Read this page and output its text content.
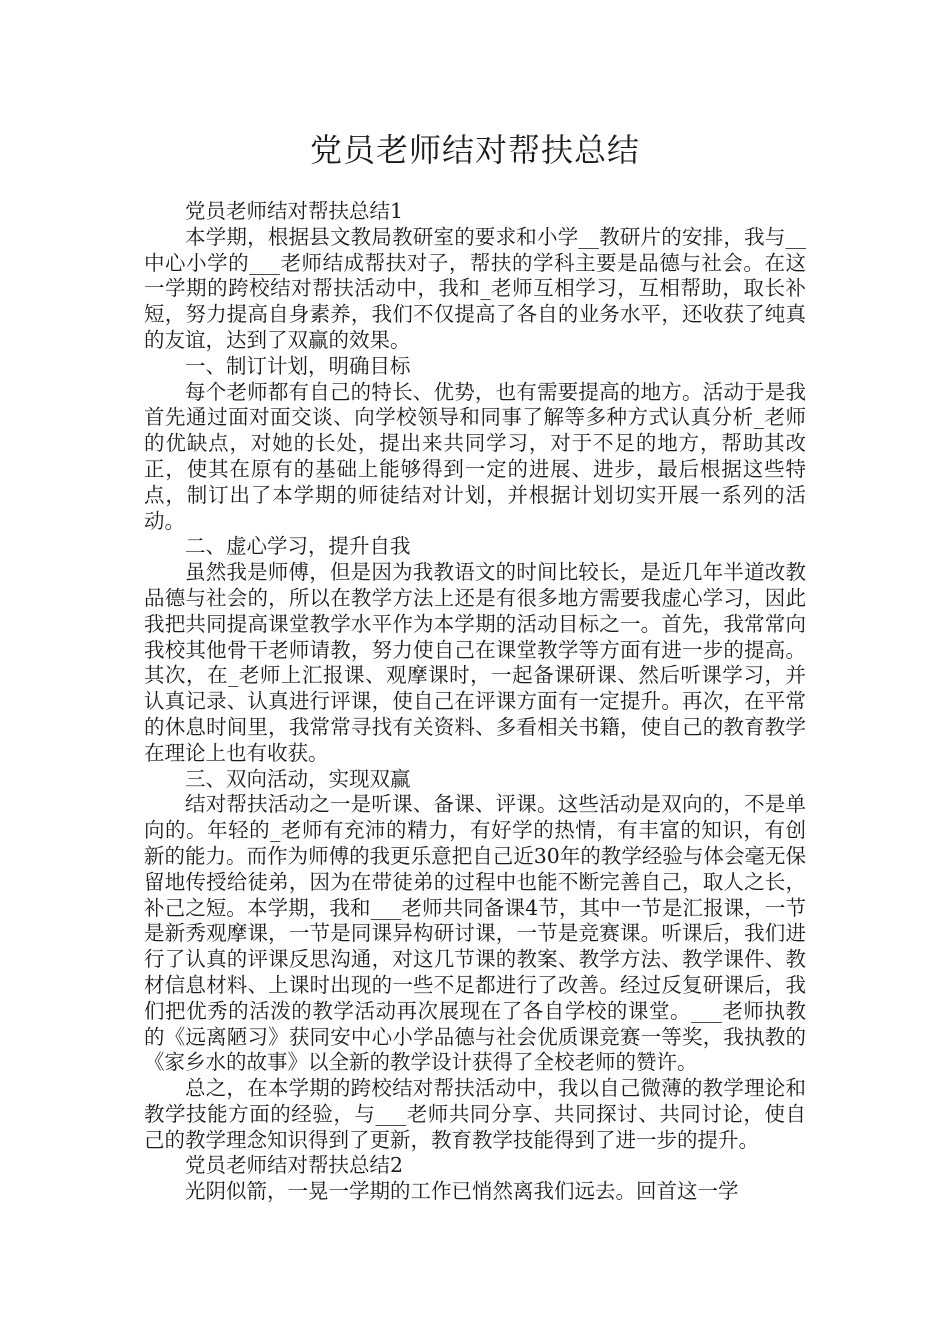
党员老师结对帮扶总结

党员老师结对帮扶总结1

本学期，根据县文教局教研室的要求和小学__教研片的安排，我与__中心小学的___老师结成帮扶对子，帮扶的学科主要是品德与社会。在这一学期的跨校结对帮扶活动中，我和_老师互相学习，互相帮助，取长补短，努力提高自身素养，我们不仅提高了各自的业务水平，还收获了纯真的友谊，达到了双赢的效果。

一、制订计划，明确目标

每个老师都有自己的特长、优势，也有需要提高的地方。活动于是我首先通过面对面交谈、向学校领导和同事了解等多种方式认真分析_老师的优缺点，对她的长处，提出来共同学习，对于不足的地方，帮助其改正，使其在原有的基础上能够得到一定的进展、进步，最后根据这些特点，制订出了本学期的师徒结对计划，并根据计划切实开展一系列的活动。

二、虚心学习，提升自我

虽然我是师傅，但是因为我教语文的时间比较长，是近几年半道改教品德与社会的，所以在教学方法上还是有很多地方需要我虚心学习，因此我把共同提高课堂教学水平作为本学期的活动目标之一。首先，我常常向我校其他骨干老师请教，努力使自己在课堂教学等方面有进一步的提高。其次，在_老师上汇报课、观摩课时，一起备课研课、然后听课学习，并认真记录、认真进行评课，使自己在评课方面有一定提升。再次，在平常的休息时间里，我常常寻找有关资料、多看相关书籍，使自己的教育教学在理论上也有收获。

三、双向活动，实现双赢

结对帮扶活动之一是听课、备课、评课。这些活动是双向的，不是单向的。年轻的_老师有充沛的精力，有好学的热情，有丰富的知识，有创新的能力。而作为师傅的我更乐意把自己近30年的教学经验与体会毫无保留地传授给徒弟，因为在带徒弟的过程中也能不断完善自己，取人之长，补己之短。本学期，我和___老师共同备课4节，其中一节是汇报课，一节是新秀观摩课，一节是同课异构研讨课，一节是竞赛课。听课后，我们进行了认真的评课反思沟通，对这几节课的教案、教学方法、教学课件、教材信息材料、上课时出现的一些不足都进行了改善。经过反复研课后，我们把优秀的活泼的教学活动再次展现在了各自学校的课堂。___老师执教的《远离陋习》获同安中心小学品德与社会优质课竞赛一等奖，我执教的《家乡水的故事》以全新的教学设计获得了全校老师的赞许。

总之，在本学期的跨校结对帮扶活动中，我以自己微薄的教学理论和教学技能方面的经验，与___老师共同分享、共同探讨、共同讨论，使自己的教学理念知识得到了更新，教育教学技能得到了进一步的提升。

党员老师结对帮扶总结2

光阴似箭，一晃一学期的工作已悄然离我们远去。回首这一学
